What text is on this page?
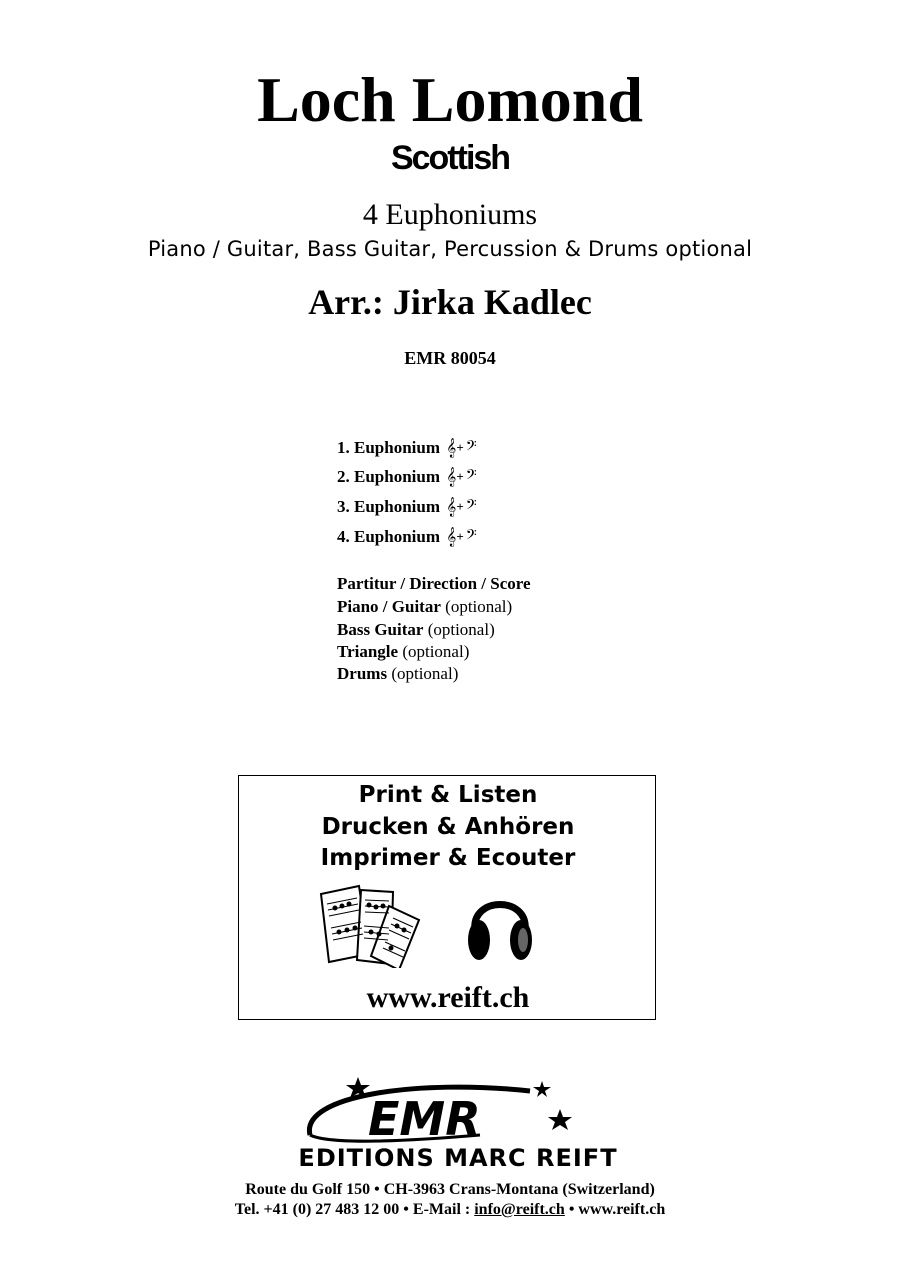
Loch Lomond
Scottish
4 Euphoniums
Piano / Guitar, Bass Guitar, Percussion & Drums optional
Arr.: Jirka Kadlec
EMR 80054
1. Euphonium 𝄞+ 𝄢
2. Euphonium 𝄞+ 𝄢
3. Euphonium 𝄞+ 𝄢
4. Euphonium 𝄞+ 𝄢
Partitur / Direction / Score
Piano / Guitar (optional)
Bass Guitar (optional)
Triangle (optional)
Drums (optional)
Print & Listen
Drucken & Anhören
Imprimer & Ecouter
www.reift.ch
EMR
EDITIONS MARC REIFT
Route du Golf 150 • CH-3963 Crans-Montana (Switzerland)
Tel. +41 (0) 27 483 12 00 • E-Mail : info@reift.ch • www.reift.ch
